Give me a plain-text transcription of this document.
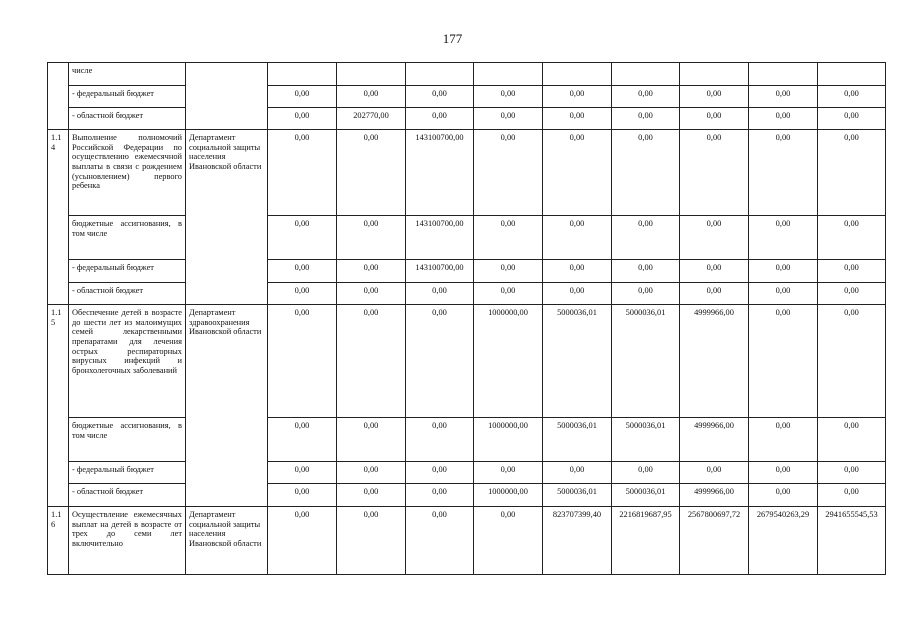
177
	числе										
	- федеральный бюджет		0,00	0,00	0,00	0,00	0,00	0,00	0,00	0,00	0,00
	- областной бюджет		0,00	202770,00	0,00	0,00	0,00	0,00	0,00	0,00	0,00
1.1 4	Выполнение полномочий Российской Федерации по осуществлению ежемесячной выплаты в связи с рождением (усыновлением) первого ребенка	Департамент социальной защиты населения Ивановской области	0,00	0,00	143100700,00	0,00	0,00	0,00	0,00	0,00	0,00
	бюджетные ассигнования, в том числе		0,00	0,00	143100700,00	0,00	0,00	0,00	0,00	0,00	0,00
	- федеральный бюджет		0,00	0,00	143100700,00	0,00	0,00	0,00	0,00	0,00	0,00
	- областной бюджет		0,00	0,00	0,00	0,00	0,00	0,00	0,00	0,00	0,00
1.1 5	Обеспечение детей в возрасте до шести лет из малоимущих семей лекарственными препаратами для лечения острых респираторных вирусных инфекций и бронхолегочных заболеваний	Департамент здравоохранения Ивановской области	0,00	0,00	0,00	1000000,00	5000036,01	5000036,01	4999966,00	0,00	0,00
	бюджетные ассигнования, в том числе		0,00	0,00	0,00	1000000,00	5000036,01	5000036,01	4999966,00	0,00	0,00
	- федеральный бюджет		0,00	0,00	0,00	0,00	0,00	0,00	0,00	0,00	0,00
	- областной бюджет		0,00	0,00	0,00	1000000,00	5000036,01	5000036,01	4999966,00	0,00	0,00
1.1 6	Осуществление ежемесячных выплат на детей в возрасте от трех до семи лет включительно	Департамент социальной защиты населения Ивановской области	0,00	0,00	0,00	0,00	823707399,40	2216819687,95	2567800697,72	2679540263,29	2941655545,53
